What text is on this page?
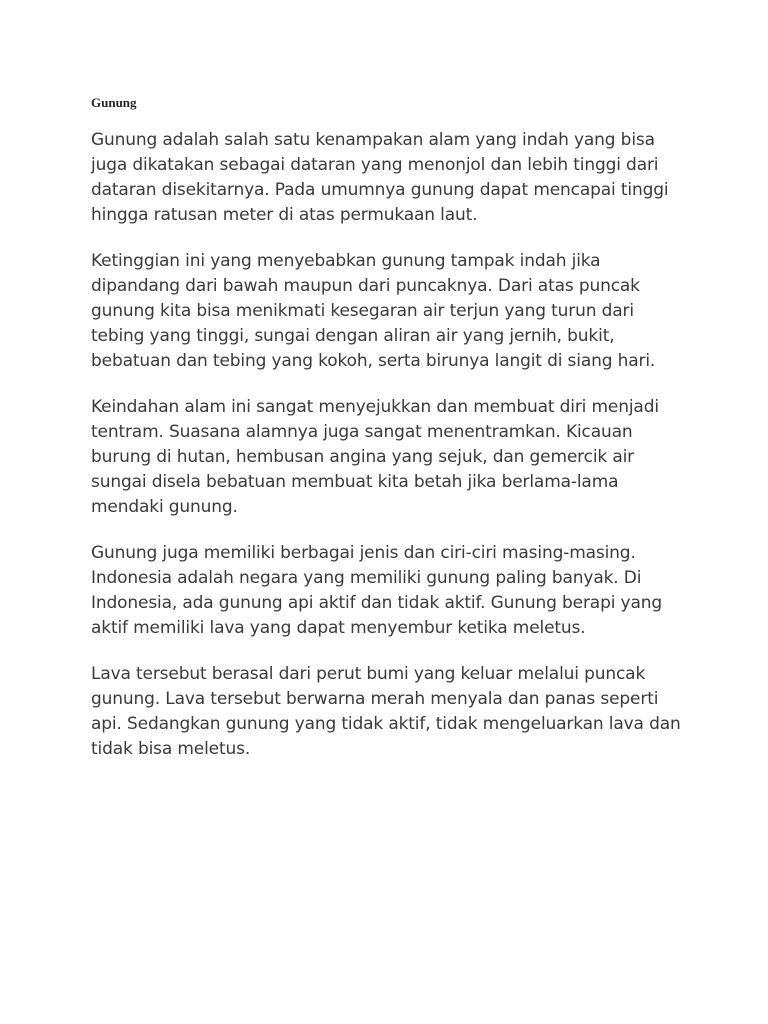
Gunung

Gunung adalah salah satu kenampakan alam yang indah yang bisa juga dikatakan sebagai dataran yang menonjol dan lebih tinggi dari dataran disekitarnya. Pada umumnya gunung dapat mencapai tinggi hingga ratusan meter di atas permukaan laut.

Ketinggian ini yang menyebabkan gunung tampak indah jika dipandang dari bawah maupun dari puncaknya. Dari atas puncak gunung kita bisa menikmati kesegaran air terjun yang turun dari tebing yang tinggi, sungai dengan aliran air yang jernih, bukit, bebatuan dan tebing yang kokoh, serta birunya langit di siang hari.

Keindahan alam ini sangat menyejukkan dan membuat diri menjadi tentram. Suasana alamnya juga sangat menentramkan. Kicauan burung di hutan, hembusan angina yang sejuk, dan gemercik air sungai disela bebatuan membuat kita betah jika berlama-lama mendaki gunung.

Gunung juga memiliki berbagai jenis dan ciri-ciri masing-masing. Indonesia adalah negara yang memiliki gunung paling banyak. Di Indonesia, ada gunung api aktif dan tidak aktif. Gunung berapi yang aktif memiliki lava yang dapat menyembur ketika meletus.

Lava tersebut berasal dari perut bumi yang keluar melalui puncak gunung. Lava tersebut berwarna merah menyala dan panas seperti api. Sedangkan gunung yang tidak aktif, tidak mengeluarkan lava dan tidak bisa meletus.
